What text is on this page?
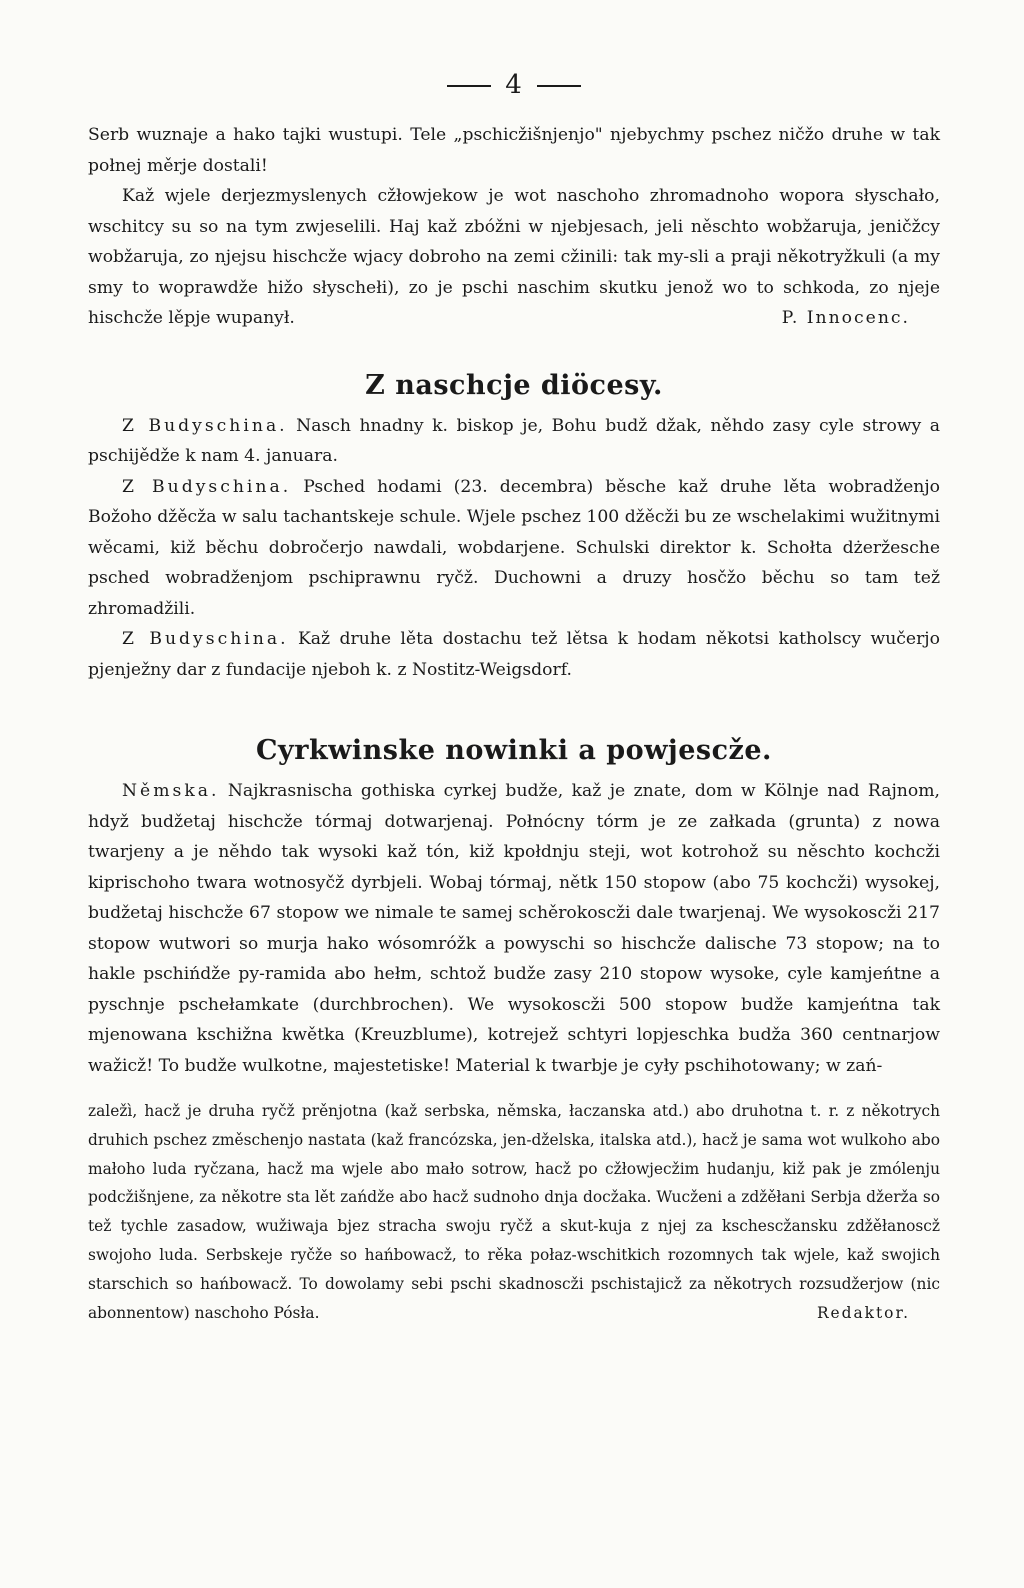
4

Serb wuznaje a hako tajki wustupi. Tele „pschicžišnjenjo" njebychmy pschez ničžo druhe w tak połnej měrje dostali!

Kaž wjele derjezmyslenych cžłowjekow je wot naschoho zhromadnoho wopora słyschało, wschitcy su so na tym zwjeselili. Haj kaž zbóžni w njebjesach, jeli něschto wobžaruja, jeničžcy wobžaruja, zo njejsu hischcže wjacy dobroho na zemi cžinili: tak my-sli a praji někotryžkuli (a my smy to woprawdže hižo słyschełi), zo je pschi naschim skutku jenož wo to schkoda, zo njeje hischcže lěpje wupanył.	P. Innocenc.

Z naschcje diöcesy.

Z Budyschina. Nasch hnadny k. biskop je, Bohu budž džak, něhdo zasy cyle strowy a pschijědže k nam 4. januara.

Z Budyschina. Psched hodami (23. decembra) běsche kaž druhe lěta wobradženjo Božoho džěcža w salu tachantskeje schule. Wjele pschez 100 džěcži bu ze wschelakimi wužitnymi wěcami, kiž běchu dobročerjo nawdali, wobdarjene. Schulski direktor k. Schołta dżeržesche psched wobradženjom pschiprawnu ryčž. Duchowni a druzy hosčžo běchu so tam tež zhromadžili.

Z Budyschina. Kaž druhe lěta dostachu tež lětsa k hodam někotsi katholscy wučerjo pjenježny dar z fundacije njeboh k. z Nostitz-Weigsdorf.

Cyrkwinske nowinki a powjescže.

Němska. Najkrasnischa gothiska cyrkej budže, kaž je znate, dom w Kölnje nad Rajnom, hdyž budžetaj hischcže tórmaj dotwarjenaj. Połnócny tórm je ze załkada (grunta) z nowa twarjeny a je něhdo tak wysoki kaž tón, kiž kpołdnju steji, wot kotrohož su něschto kochcži kiprischoho twara wotnosyčž dyrbjeli. Wobaj tórmaj, nětk 150 stopow (abo 75 kochcži) wysokej, budžetaj hischcže 67 stopow we nimale te samej schěrokoscži dale twarjenaj. We wysokoscži 217 stopow wutwori so murja hako wósomróžk a powyschi so hischcže dalische 73 stopow; na to hakle pschińdže py-ramida abo hełm, schtož budže zasy 210 stopow wysoke, cyle kamjeńtne a pyschnje pschełamkate (durchbrochen). We wysokoscži 500 stopow budže kamjeńtna tak mjenowana kschižna kwětka (Kreuzblume), kotrejež schtyri lopjeschka budža 360 centnarjow wažicž! To budže wulkotne, majestetiske! Material k twarbje je cyły pschihotowany; w zań-

zaležì, hacž je druha ryčž prěnjotna (kaž serbska, němska, łaczanska atd.) abo druhotna t. r. z někotrych druhich pschez změschenjo nastata (kaž francózska, jen-dželska, italska atd.), hacž je sama wot wulkoho abo małoho luda ryčzana, hacž ma wjele abo mało sotrow, hacž po cžłowjecžim hudanju, kiž pak je zmólenju podcžišnjene, za někotre sta lět zańdže abo hacž sudnoho dnja docžaka. Wucženi a zdžěłani Serbja džerža so tež tychle zasadow, wužiwaja bjez stracha swoju ryčž a skut-kuja z njej za kschescžansku zdžěłanoscž swojoho luda. Serbskeje ryčže so hańbowacž, to rěka połaz-wschitkich rozomnych tak wjele, kaž swojich starschich so hańbowacž. To dowolamy sebi pschi skadnoscži pschistajicž za někotrych rozsudžerjow (nic abonnentow) naschoho Pósła.	Redaktor.
